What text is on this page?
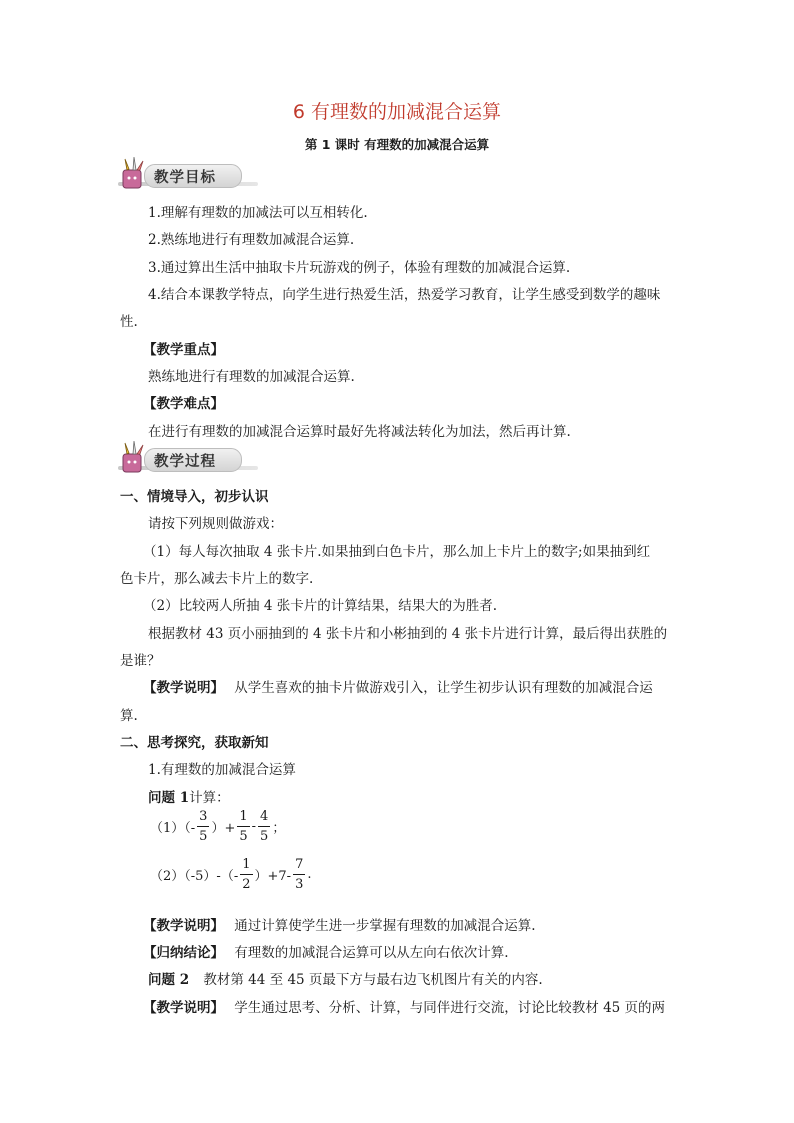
6 有理数的加减混合运算
第 1 课时 有理数的加减混合运算
教学目标
1.理解有理数的加减法可以互相转化.
2.熟练地进行有理数加减混合运算.
3.通过算出生活中抽取卡片玩游戏的例子，体验有理数的加减混合运算.
4.结合本课教学特点，向学生进行热爱生活，热爱学习教育，让学生感受到数学的趣味
性.
【教学重点】
熟练地进行有理数的加减混合运算.
【教学难点】
在进行有理数的加减混合运算时最好先将减法转化为加法，然后再计算.
教学过程
一、情境导入，初步认识
请按下列规则做游戏：
（1）每人每次抽取 4 张卡片.如果抽到白色卡片，那么加上卡片上的数字;如果抽到红
色卡片，那么减去卡片上的数字.
（2）比较两人所抽 4 张卡片的计算结果，结果大的为胜者.
根据教材 43 页小丽抽到的 4 张卡片和小彬抽到的 4 张卡片进行计算，最后得出获胜的
是谁？
【教学说明】 从学生喜欢的抽卡片做游戏引入，让学生初步认识有理数的加减混合运
算.
二、思考探究，获取新知
1.有理数的加减混合运算
问题 1计算：
$(1)(- \frac{3}{5}$ ）+ $\frac{1}{5} - \frac{4}{5}$ ；
$(2)(-5)-(- \frac{1}{2} )+7- \frac{7}{3}$ .
【教学说明】 通过计算使学生进一步掌握有理数的加减混合运算.
【归纳结论】 有理数的加减混合运算可以从左向右依次计算.
问题 2 教材第 44 至 45 页最下方与最右边飞机图片有关的内容.
【教学说明】 学生通过思考、分析、计算，与同伴进行交流，讨论比较教材 45 页的两
